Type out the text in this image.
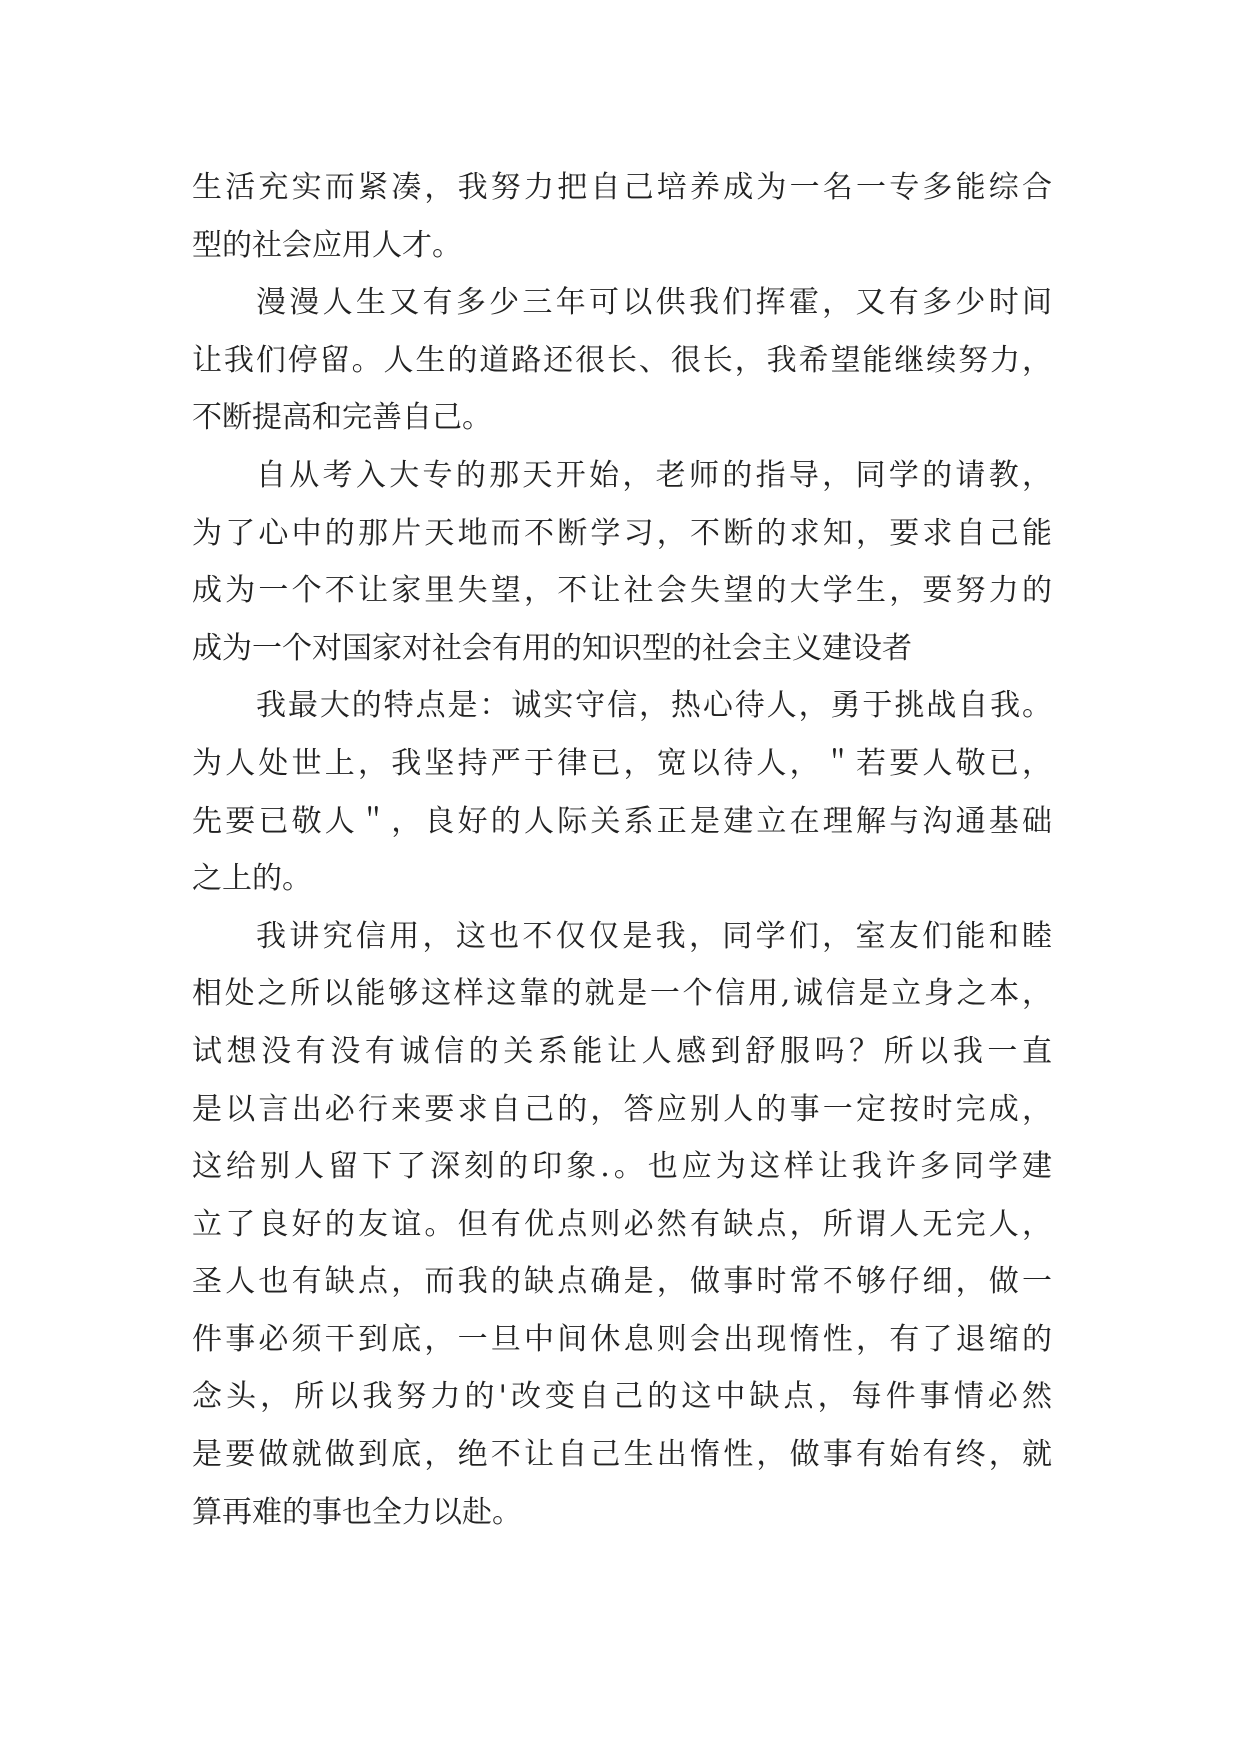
生活充实而紧凑，我努力把自己培养成为一名一专多能综合
型的社会应用人才。

漫漫人生又有多少三年可以供我们挥霍，又有多少时间
让我们停留。人生的道路还很长、很长，我希望能继续努力，
不断提高和完善自己。

自从考入大专的那天开始，老师的指导，同学的请教，
为了心中的那片天地而不断学习，不断的求知，要求自己能
成为一个不让家里失望，不让社会失望的大学生，要努力的
成为一个对国家对社会有用的知识型的社会主义建设者

我最大的特点是：诚实守信，热心待人，勇于挑战自我。
为人处世上，我坚持严于律已，宽以待人，＂若要人敬已，
先要已敬人＂，良好的人际关系正是建立在理解与沟通基础
之上的。

我讲究信用，这也不仅仅是我，同学们，室友们能和睦
相处之所以能够这样这靠的就是一个信用,诚信是立身之本，
试想没有没有诚信的关系能让人感到舒服吗？所以我一直
是以言出必行来要求自己的，答应别人的事一定按时完成，
这给别人留下了深刻的印象.。也应为这样让我许多同学建
立了良好的友谊。但有优点则必然有缺点，所谓人无完人，
圣人也有缺点，而我的缺点确是，做事时常不够仔细，做一
件事必须干到底，一旦中间休息则会出现惰性，有了退缩的
念头，所以我努力的'改变自己的这中缺点，每件事情必然
是要做就做到底，绝不让自己生出惰性，做事有始有终，就
算再难的事也全力以赴。
